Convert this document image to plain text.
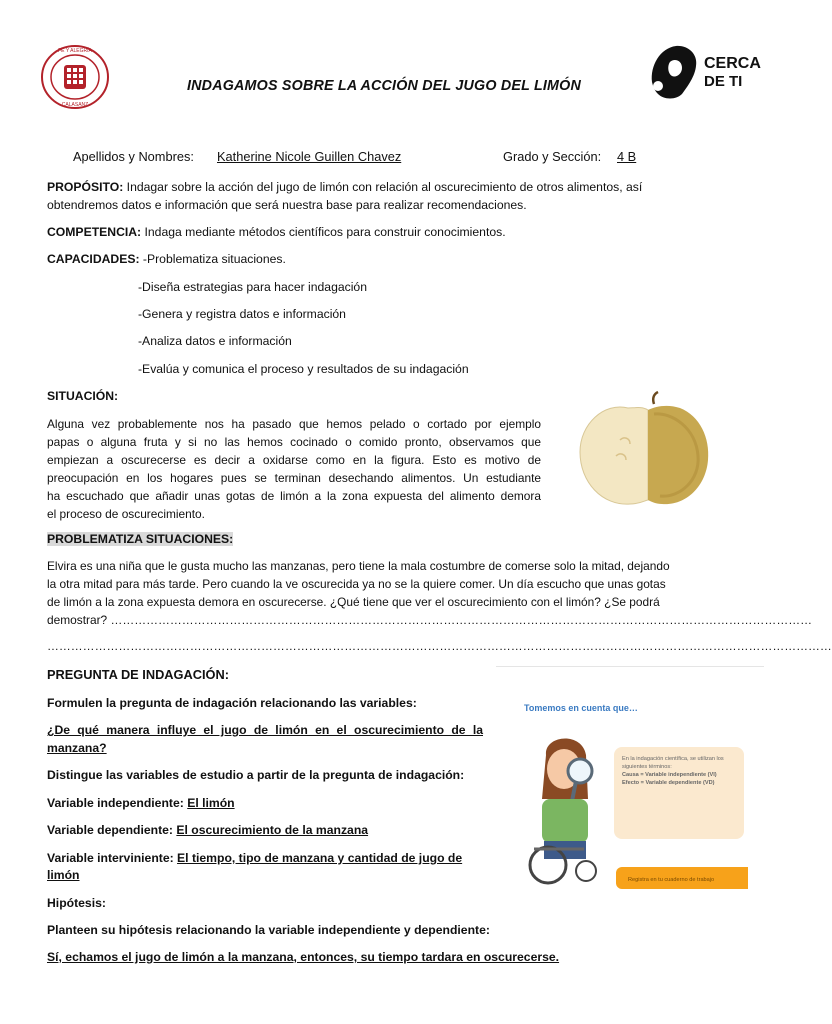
FE Y ALEGRÍA
CALASANZ
CERCA
DE TI
INDAGAMOS SOBRE LA ACCIÓN DEL JUGO DEL LIMÓN
Apellidos y Nombres: Katherine Nicole Guillen Chavez	Grado y Sección: 4 B
PROPÓSITO: Indagar sobre la acción del jugo de limón con relación al oscurecimiento de otros alimentos, así
obtendremos datos e información que será nuestra base para realizar recomendaciones.
COMPETENCIA: Indaga mediante métodos científicos para construir conocimientos.
CAPACIDADES: -Problematiza situaciones.
-Diseña estrategias para hacer indagación
-Genera y registra datos e información
-Analiza datos e información
-Evalúa y comunica el proceso y resultados de su indagación
SITUACIÓN:
Alguna vez probablemente nos ha pasado que hemos pelado o cortado por ejemplo
papas o alguna fruta y si no las hemos cocinado o comido pronto, observamos que
empiezan a oscurecerse es decir a oxidarse como en la figura. Esto es motivo de
preocupación en los hogares pues se terminan desechando alimentos. Un estudiante
ha escuchado que añadir unas gotas de limón a la zona expuesta del alimento demora
el proceso de oscurecimiento.
PROBLEMATIZA SITUACIONES:
Elvira es una niña que le gusta mucho las manzanas, pero tiene la mala costumbre de comerse solo la mitad, dejando
la otra mitad para más tarde. Pero cuando la ve oscurecida ya no se la quiere comer. Un día escucho que unas gotas
de limón a la zona expuesta demora en oscurecerse. ¿Qué tiene que ver el oscurecimiento con el limón? ¿Se podrá
demostrar? ……………………………………………………………………………………………………………………………………………………………
………………………………………………………………………………………………………………………………………………………………………………
PREGUNTA DE INDAGACIÓN:
Formulen la pregunta de indagación relacionando las variables:
¿De qué manera influye el jugo de limón en el oscurecimiento de la
manzana?
Distingue las variables de estudio a partir de la pregunta de indagación:
Variable independiente: El limón
Variable dependiente: El oscurecimiento de la manzana
Variable interviniente: El tiempo, tipo de manzana y cantidad de jugo de
limón
Hipótesis:
Planteen su hipótesis relacionando la variable independiente y dependiente:
Sí, echamos el jugo de limón a la manzana, entonces, su tiempo tardara en oscurecerse.
Tomemos en cuenta que…
En la indagación científica, se utilizan los
siguientes términos:
Causa = Variable independiente (VI)
Efecto = Variable dependiente (VD)
Registra en tu cuaderno de trabajo
